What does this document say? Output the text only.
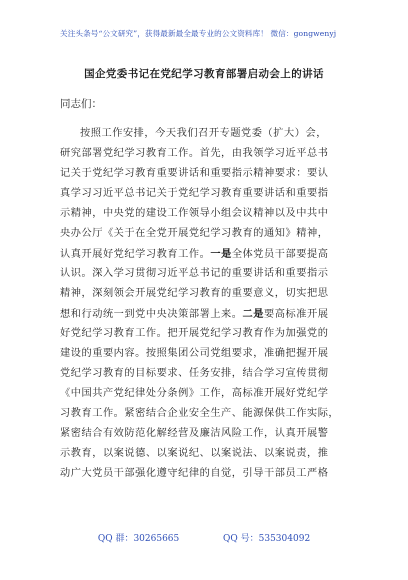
关注头条号“公文研究”，获得最新最全最专业的公文资料库！ 微信：gongwenyj
国企党委书记在党纪学习教育部署启动会上的讲话
同志们：
按照工作安排，今天我们召开专题党委（扩大）会，
研究部署党纪学习教育工作。首先，由我领学习近平总书
记关于党纪学习教育重要讲话和重要指示精神要求：要认
真学习习近平总书记关于党纪学习教育重要讲话和重要指
示精神，中央党的建设工作领导小组会议精神以及中共中
央办公厅《关于在全党开展党纪学习教育的通知》精神，
认真开展好党纪学习教育工作。一是全体党员干部要提高
认识。深入学习贯彻习近平总书记的重要讲话和重要指示
精神，深刻领会开展党纪学习教育的重要意义，切实把思
想和行动统一到党中央决策部署上来。二是要高标准开展
好党纪学习教育工作。把开展党纪学习教育作为加强党的
建设的重要内容。按照集团公司党组要求，准确把握开展
党纪学习教育的目标要求、任务安排，结合学习宣传贯彻
《中国共产党纪律处分条例》工作，高标准开展好党纪学
习教育工作。紧密结合企业安全生产、能源保供工作实际，
紧密结合有效防范化解经营及廉洁风险工作，认真开展警
示教育，以案说德、以案说纪、以案说法、以案说责，推
动广大党员干部强化遵守纪律的自觉，引导干部员工严格
QQ 群：30265665	QQ 号：535304092
